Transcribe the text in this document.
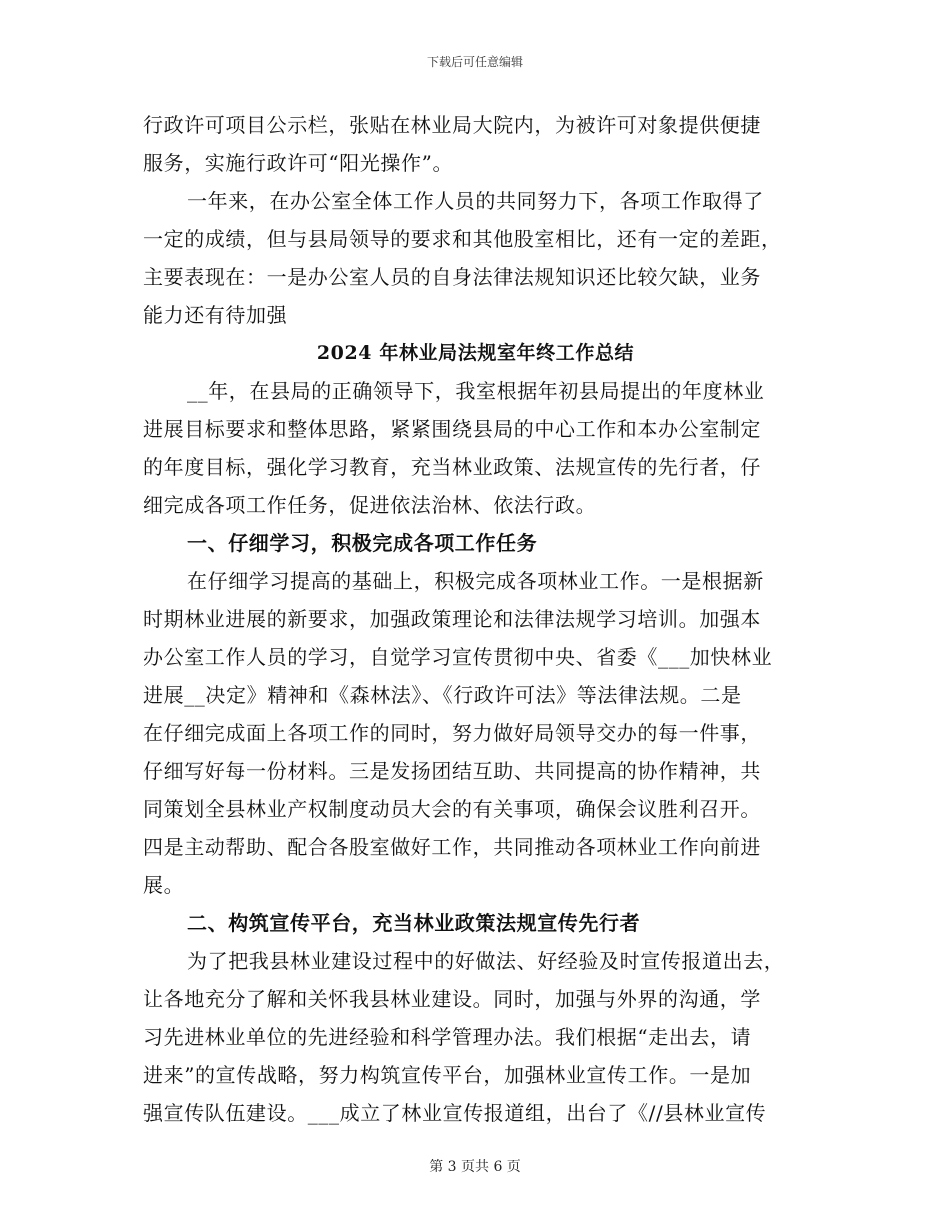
下载后可任意编辑
行政许可项目公示栏，张贴在林业局大院内，为被许可对象提供便捷
服务，实施行政许可“阳光操作”。
一年来，在办公室全体工作人员的共同努力下，各项工作取得了
一定的成绩，但与县局领导的要求和其他股室相比，还有一定的差距，
主要表现在：一是办公室人员的自身法律法规知识还比较欠缺，业务
能力还有待加强
2024 年林业局法规室年终工作总结
__年，在县局的正确领导下，我室根据年初县局提出的年度林业
进展目标要求和整体思路，紧紧围绕县局的中心工作和本办公室制定
的年度目标，强化学习教育，充当林业政策、法规宣传的先行者，仔
细完成各项工作任务，促进依法治林、依法行政。
一、仔细学习，积极完成各项工作任务
在仔细学习提高的基础上，积极完成各项林业工作。一是根据新
时期林业进展的新要求，加强政策理论和法律法规学习培训。加强本
办公室工作人员的学习，自觉学习宣传贯彻中央、省委《___加快林业
进展__决定》精神和《森林法》、《行政许可法》等法律法规。二是
在仔细完成面上各项工作的同时，努力做好局领导交办的每一件事，
仔细写好每一份材料。三是发扬团结互助、共同提高的协作精神，共
同策划全县林业产权制度动员大会的有关事项，确保会议胜利召开。
四是主动帮助、配合各股室做好工作，共同推动各项林业工作向前进
展。
二、构筑宣传平台，充当林业政策法规宣传先行者
为了把我县林业建设过程中的好做法、好经验及时宣传报道出去，
让各地充分了解和关怀我县林业建设。同时，加强与外界的沟通，学
习先进林业单位的先进经验和科学管理办法。我们根据“走出去，请
进来”的宣传战略，努力构筑宣传平台，加强林业宣传工作。一是加
强宣传队伍建设。___成立了林业宣传报道组，出台了《//县林业宣传
第 3 页共 6 页
